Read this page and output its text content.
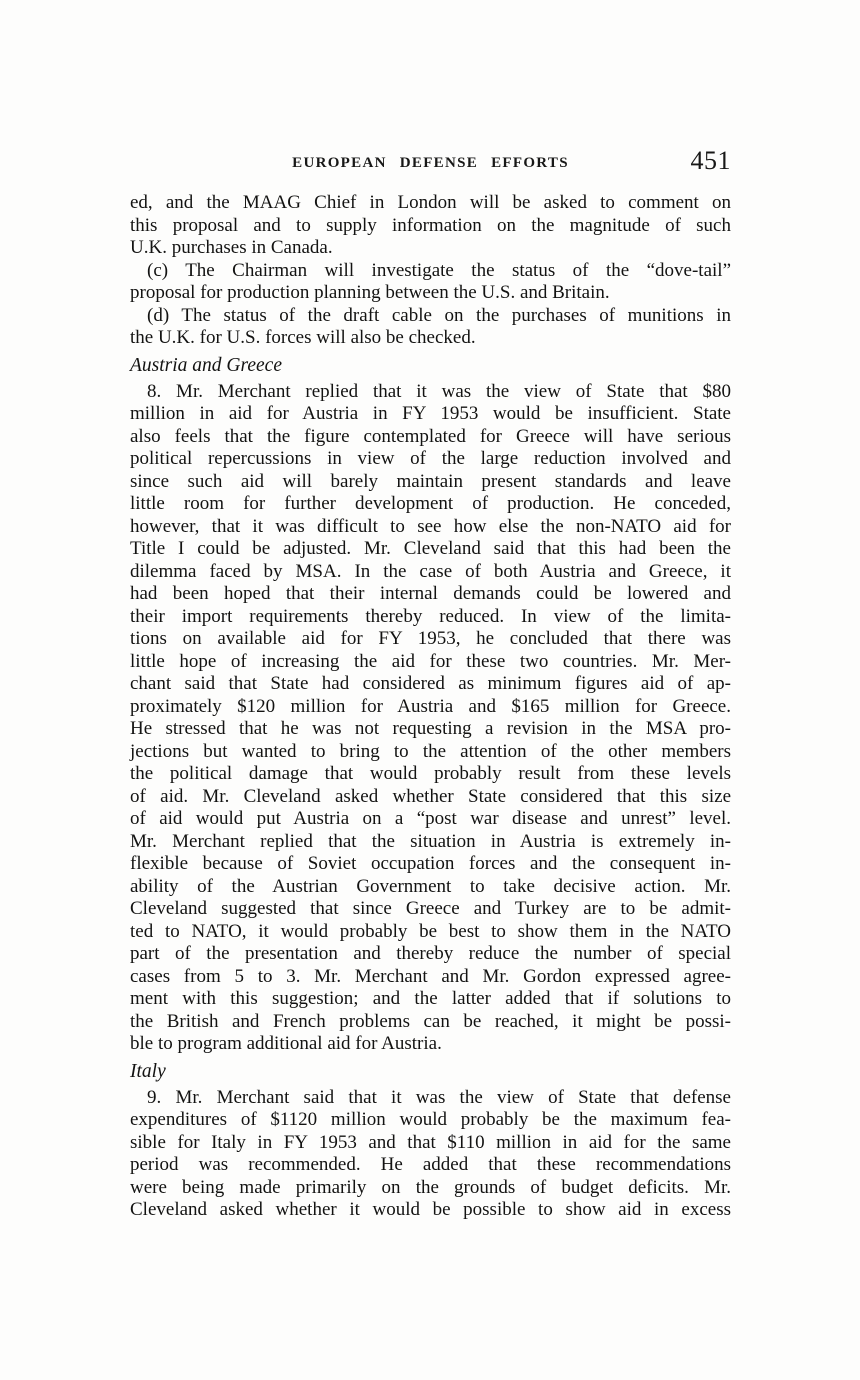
EUROPEAN DEFENSE EFFORTS	451
ed, and the MAAG Chief in London will be asked to comment on
this proposal and to supply information on the magnitude of such
U.K. purchases in Canada.
(c) The Chairman will investigate the status of the “dove-tail”
proposal for production planning between the U.S. and Britain.
(d) The status of the draft cable on the purchases of munitions in
the U.K. for U.S. forces will also be checked.
Austria and Greece
8. Mr. Merchant replied that it was the view of State that $80
million in aid for Austria in FY 1953 would be insufficient. State
also feels that the figure contemplated for Greece will have serious
political repercussions in view of the large reduction involved and
since such aid will barely maintain present standards and leave
little room for further development of production. He conceded,
however, that it was difficult to see how else the non-NATO aid for
Title I could be adjusted. Mr. Cleveland said that this had been the
dilemma faced by MSA. In the case of both Austria and Greece, it
had been hoped that their internal demands could be lowered and
their import requirements thereby reduced. In view of the limita-
tions on available aid for FY 1953, he concluded that there was
little hope of increasing the aid for these two countries. Mr. Mer-
chant said that State had considered as minimum figures aid of ap-
proximately $120 million for Austria and $165 million for Greece.
He stressed that he was not requesting a revision in the MSA pro-
jections but wanted to bring to the attention of the other members
the political damage that would probably result from these levels
of aid. Mr. Cleveland asked whether State considered that this size
of aid would put Austria on a “post war disease and unrest” level.
Mr. Merchant replied that the situation in Austria is extremely in-
flexible because of Soviet occupation forces and the consequent in-
ability of the Austrian Government to take decisive action. Mr.
Cleveland suggested that since Greece and Turkey are to be admit-
ted to NATO, it would probably be best to show them in the NATO
part of the presentation and thereby reduce the number of special
cases from 5 to 3. Mr. Merchant and Mr. Gordon expressed agree-
ment with this suggestion; and the latter added that if solutions to
the British and French problems can be reached, it might be possi-
ble to program additional aid for Austria.
Italy
9. Mr. Merchant said that it was the view of State that defense
expenditures of $1120 million would probably be the maximum fea-
sible for Italy in FY 1953 and that $110 million in aid for the same
period was recommended. He added that these recommendations
were being made primarily on the grounds of budget deficits. Mr.
Cleveland asked whether it would be possible to show aid in excess
